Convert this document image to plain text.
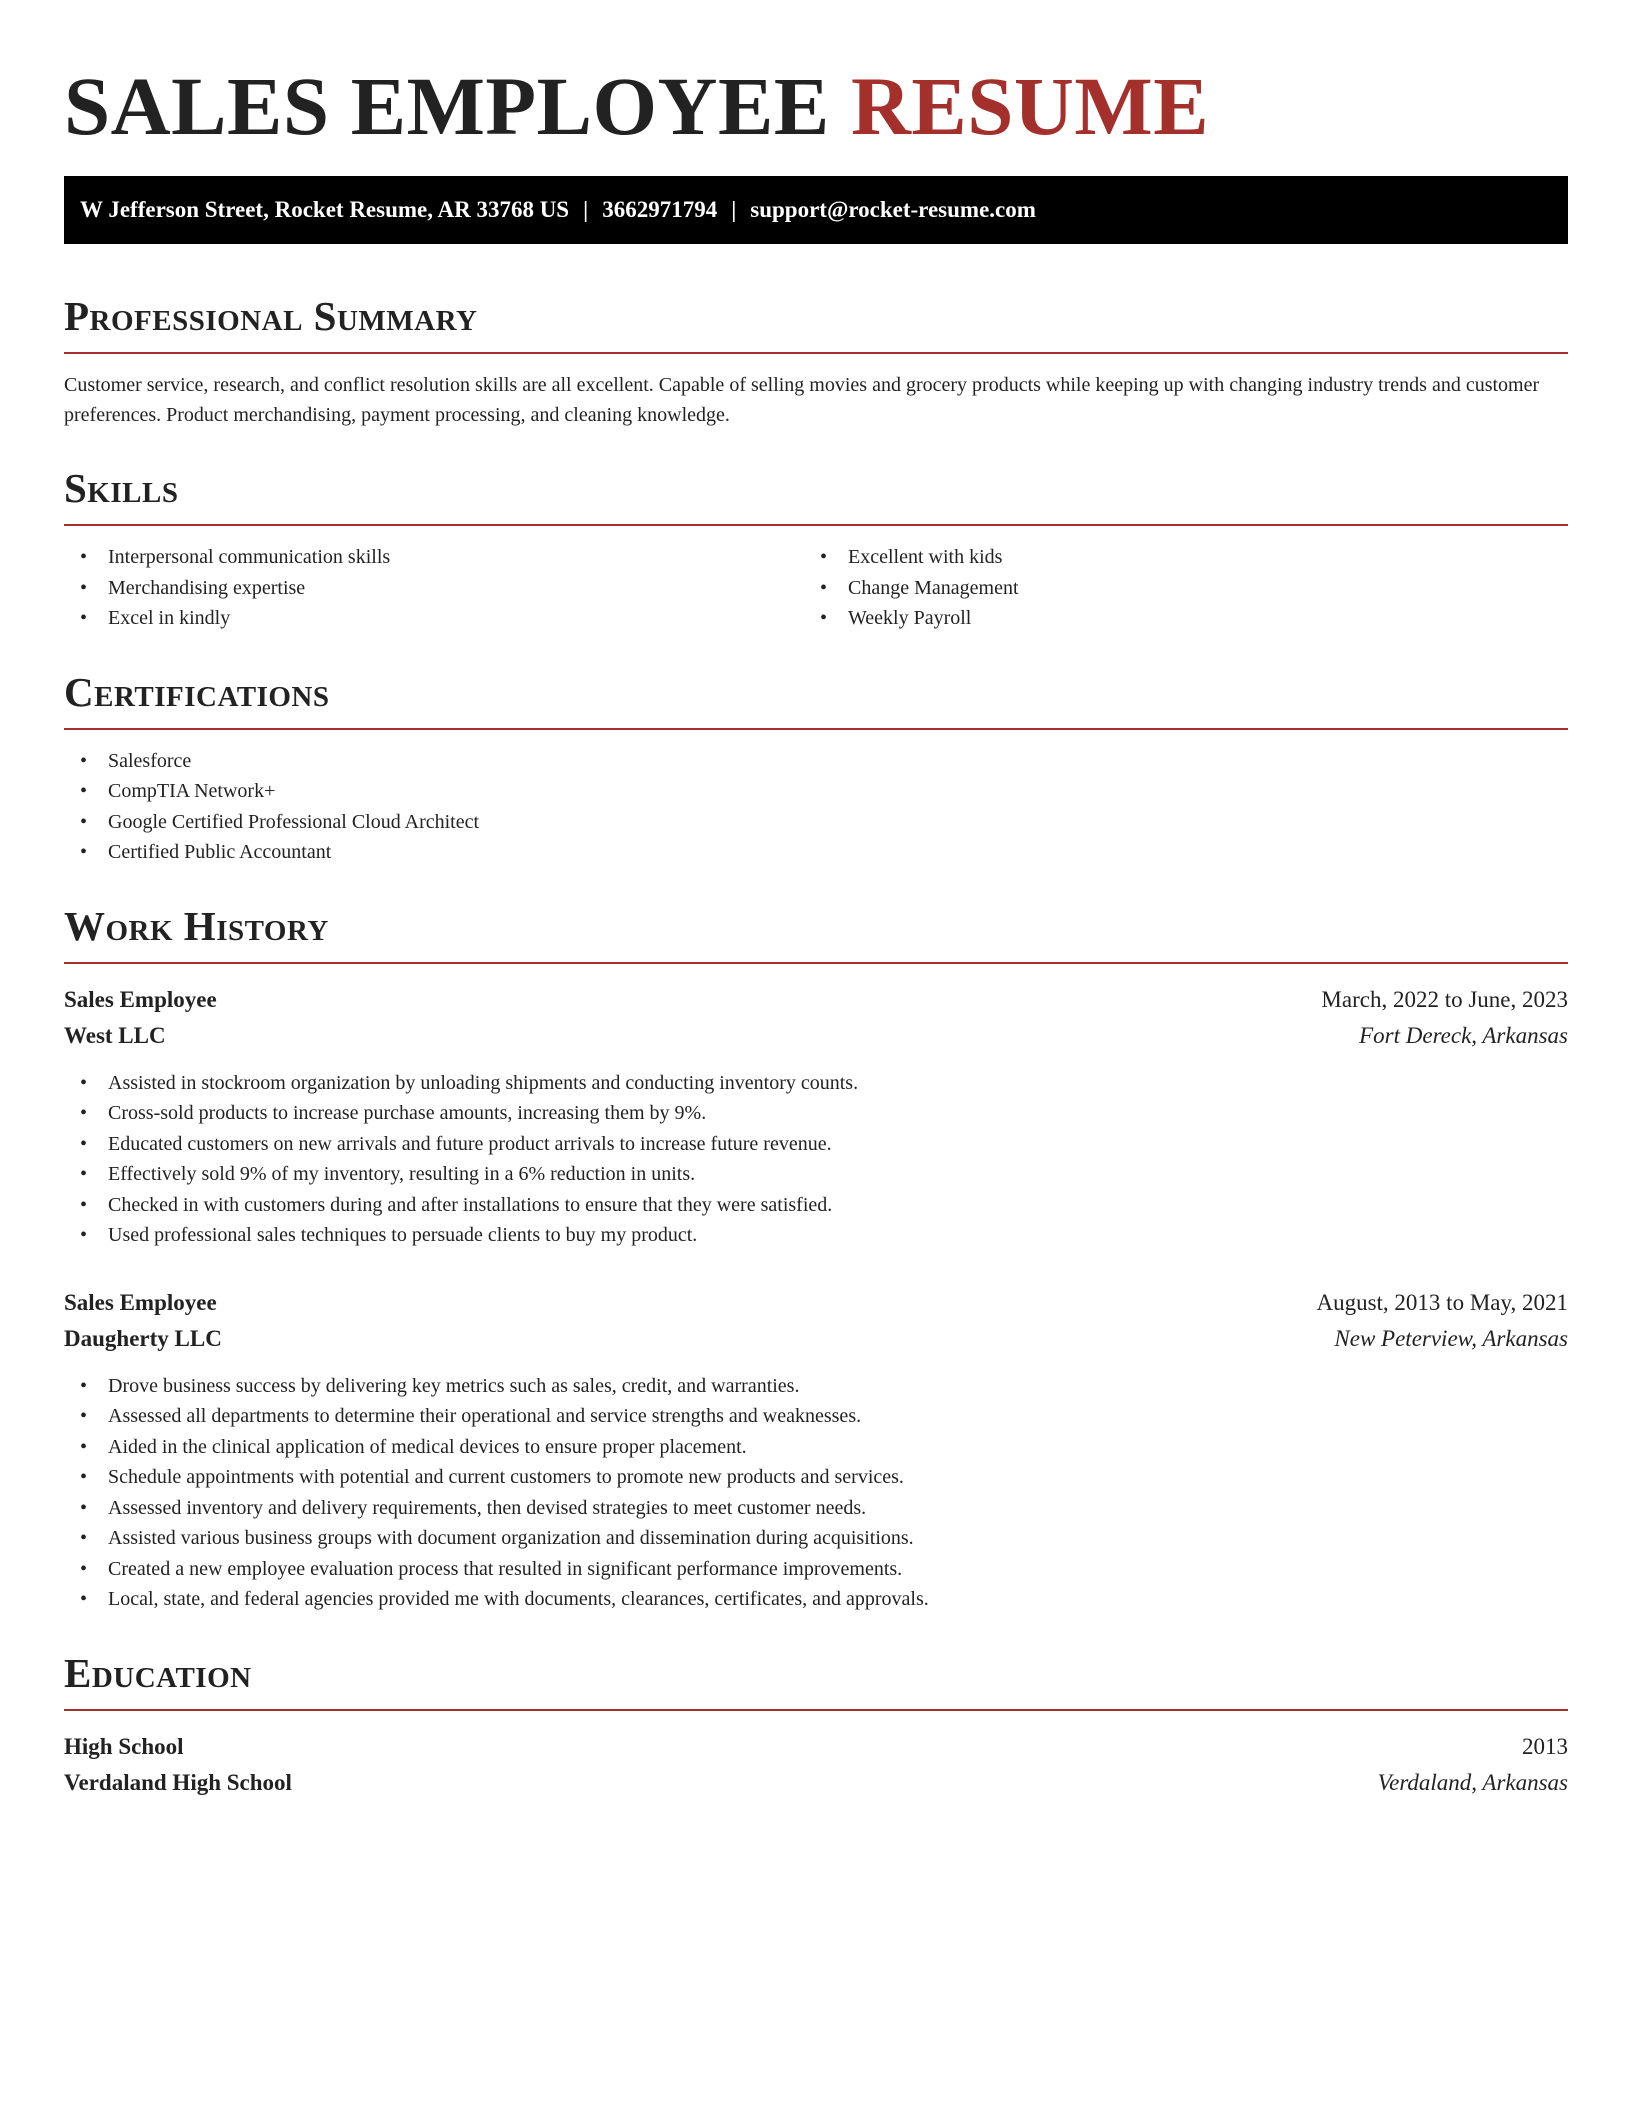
SALES EMPLOYEE RESUME
W Jefferson Street, Rocket Resume, AR 33768 US | 3662971794 | support@rocket-resume.com
Professional Summary

Customer service, research, and conflict resolution skills are all excellent. Capable of selling movies and grocery products while keeping up with changing industry trends and customer preferences. Product merchandising, payment processing, and cleaning knowledge.

Skills
• Interpersonal communication skills
• Merchandising expertise
• Excel in kindly
• Excellent with kids
• Change Management
• Weekly Payroll
Certifications
• Salesforce
• CompTIA Network+
• Google Certified Professional Cloud Architect
• Certified Public Accountant
Work History
Sales Employee	March, 2022 to June, 2023
West LLC	Fort Dereck, Arkansas
• Assisted in stockroom organization by unloading shipments and conducting inventory counts.
• Cross-sold products to increase purchase amounts, increasing them by 9%.
• Educated customers on new arrivals and future product arrivals to increase future revenue.
• Effectively sold 9% of my inventory, resulting in a 6% reduction in units.
• Checked in with customers during and after installations to ensure that they were satisfied.
• Used professional sales techniques to persuade clients to buy my product.
Sales Employee	August, 2013 to May, 2021
Daugherty LLC	New Peterview, Arkansas
• Drove business success by delivering key metrics such as sales, credit, and warranties.
• Assessed all departments to determine their operational and service strengths and weaknesses.
• Aided in the clinical application of medical devices to ensure proper placement.
• Schedule appointments with potential and current customers to promote new products and services.
• Assessed inventory and delivery requirements, then devised strategies to meet customer needs.
• Assisted various business groups with document organization and dissemination during acquisitions.
• Created a new employee evaluation process that resulted in significant performance improvements.
• Local, state, and federal agencies provided me with documents, clearances, certificates, and approvals.
Education
High School	2013
Verdaland High School	Verdaland, Arkansas
